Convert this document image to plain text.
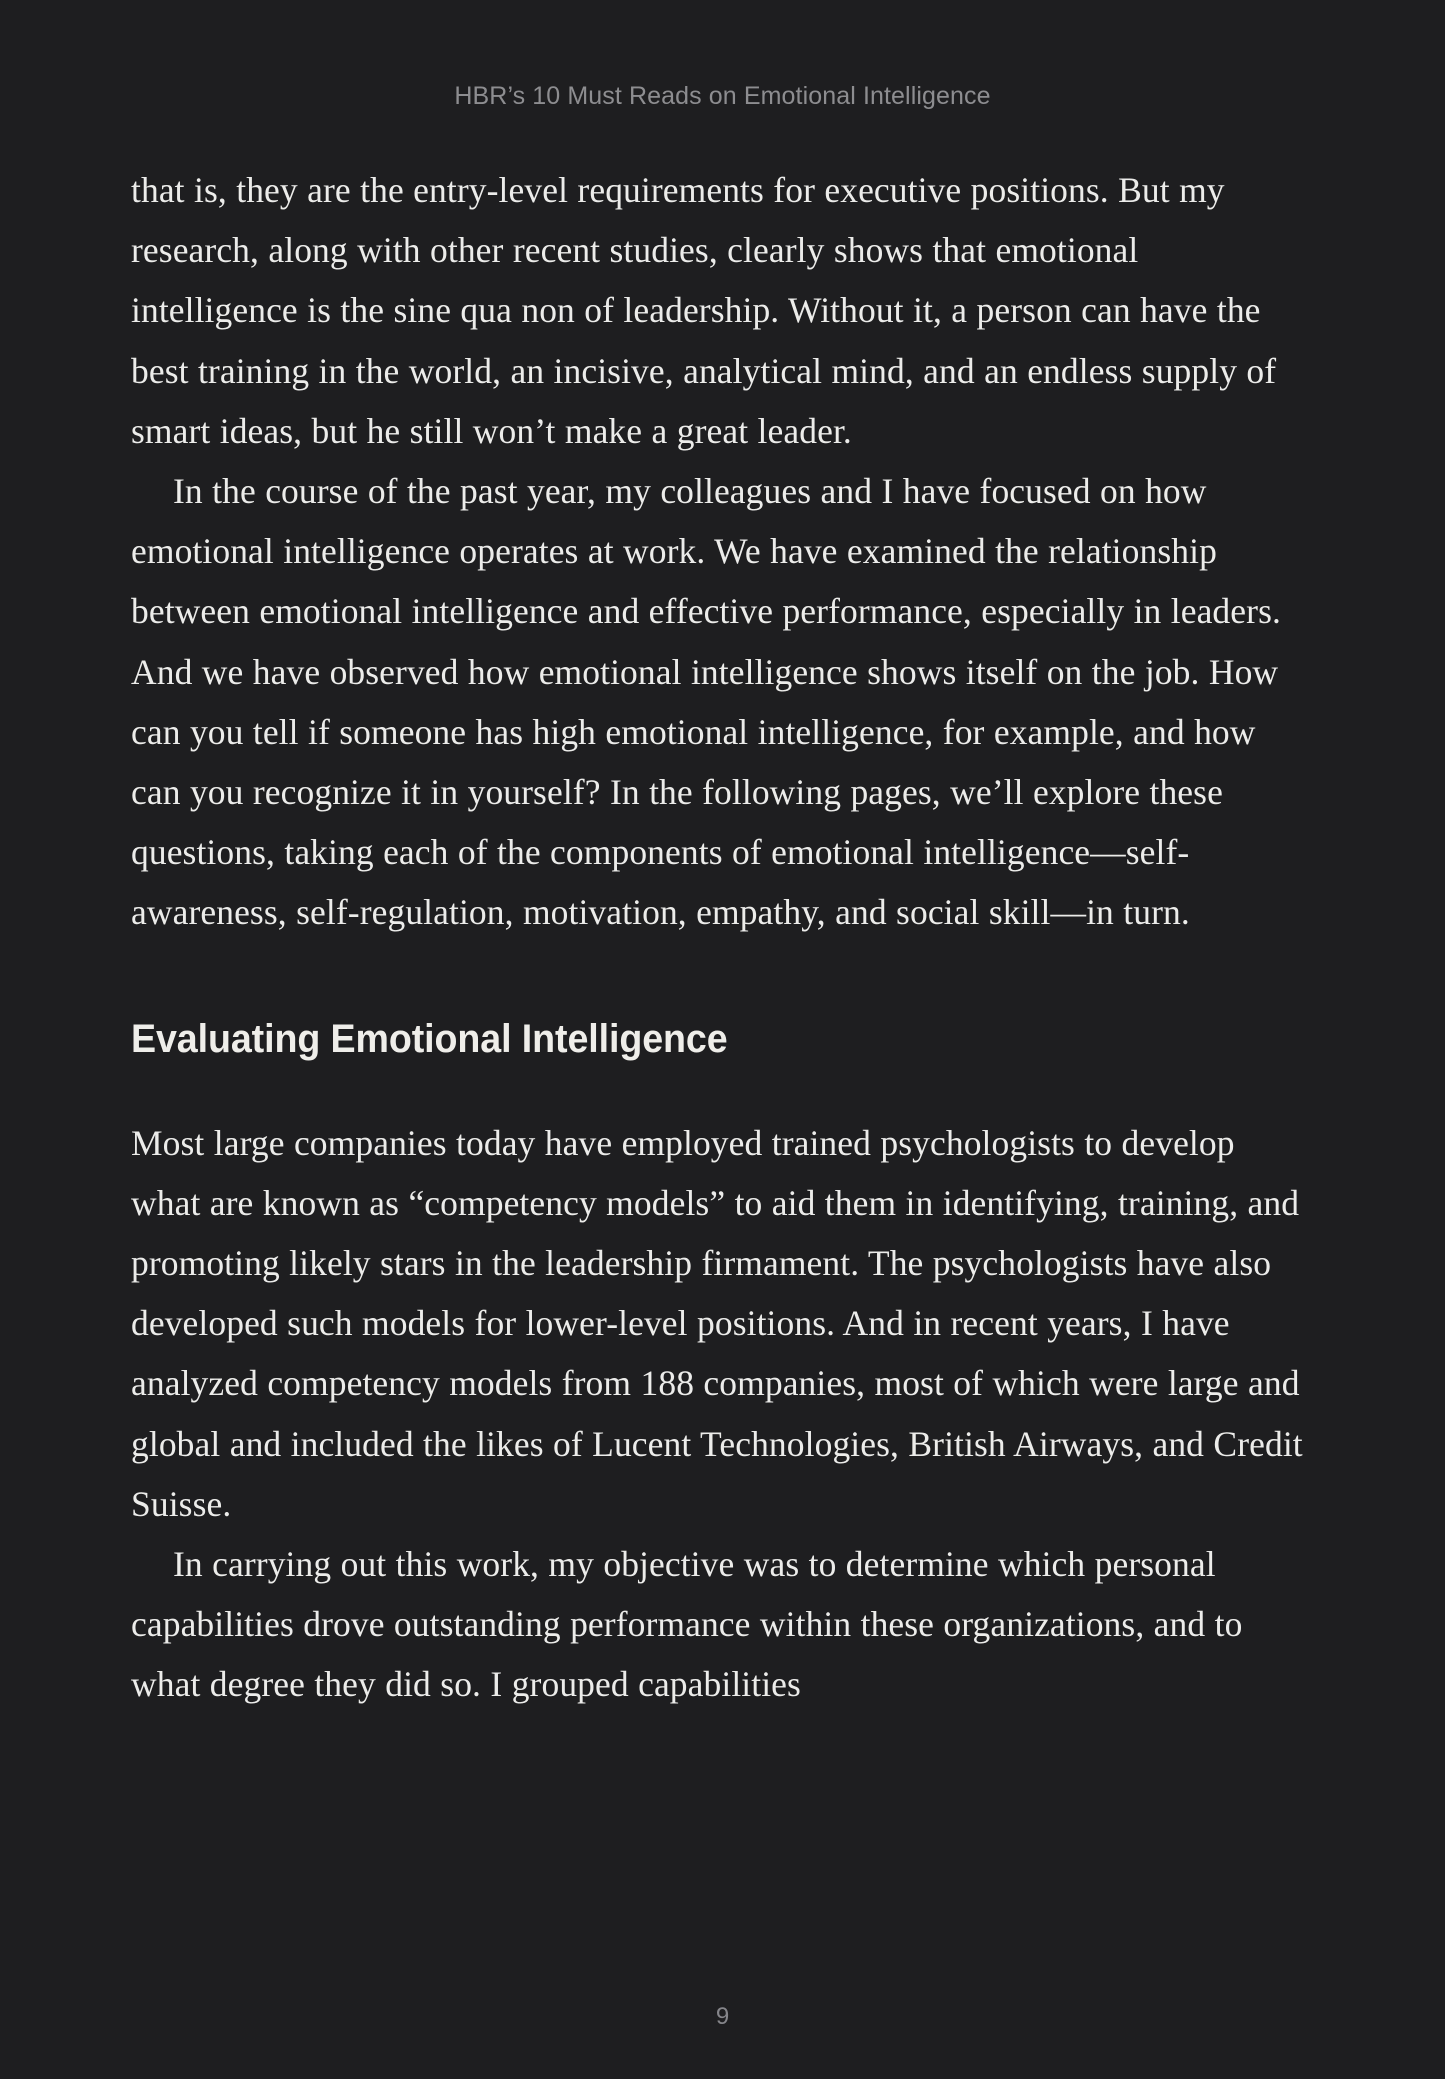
HBR’s 10 Must Reads on Emotional Intelligence

that is, they are the entry-level requirements for executive positions. But my research, along with other recent studies, clearly shows that emotional intelligence is the sine qua non of leadership. Without it, a person can have the best training in the world, an incisive, analytical mind, and an endless supply of smart ideas, but he still won’t make a great leader.

In the course of the past year, my colleagues and I have focused on how emotional intelligence operates at work. We have examined the relationship between emotional intelligence and effective performance, especially in leaders. And we have observed how emotional intelligence shows itself on the job. How can you tell if someone has high emotional intelligence, for example, and how can you recognize it in yourself? In the following pages, we’ll explore these questions, taking each of the components of emotional intelligence—self-awareness, self-regulation, motivation, empathy, and social skill—in turn.

Evaluating Emotional Intelligence

Most large companies today have employed trained psychologists to develop what are known as “competency models” to aid them in identifying, training, and promoting likely stars in the leadership firmament. The psychologists have also developed such models for lower-level positions. And in recent years, I have analyzed competency models from 188 companies, most of which were large and global and included the likes of Lucent Technologies, British Airways, and Credit Suisse.

In carrying out this work, my objective was to determine which personal capabilities drove outstanding performance within these organizations, and to what degree they did so. I grouped capabilities

9
